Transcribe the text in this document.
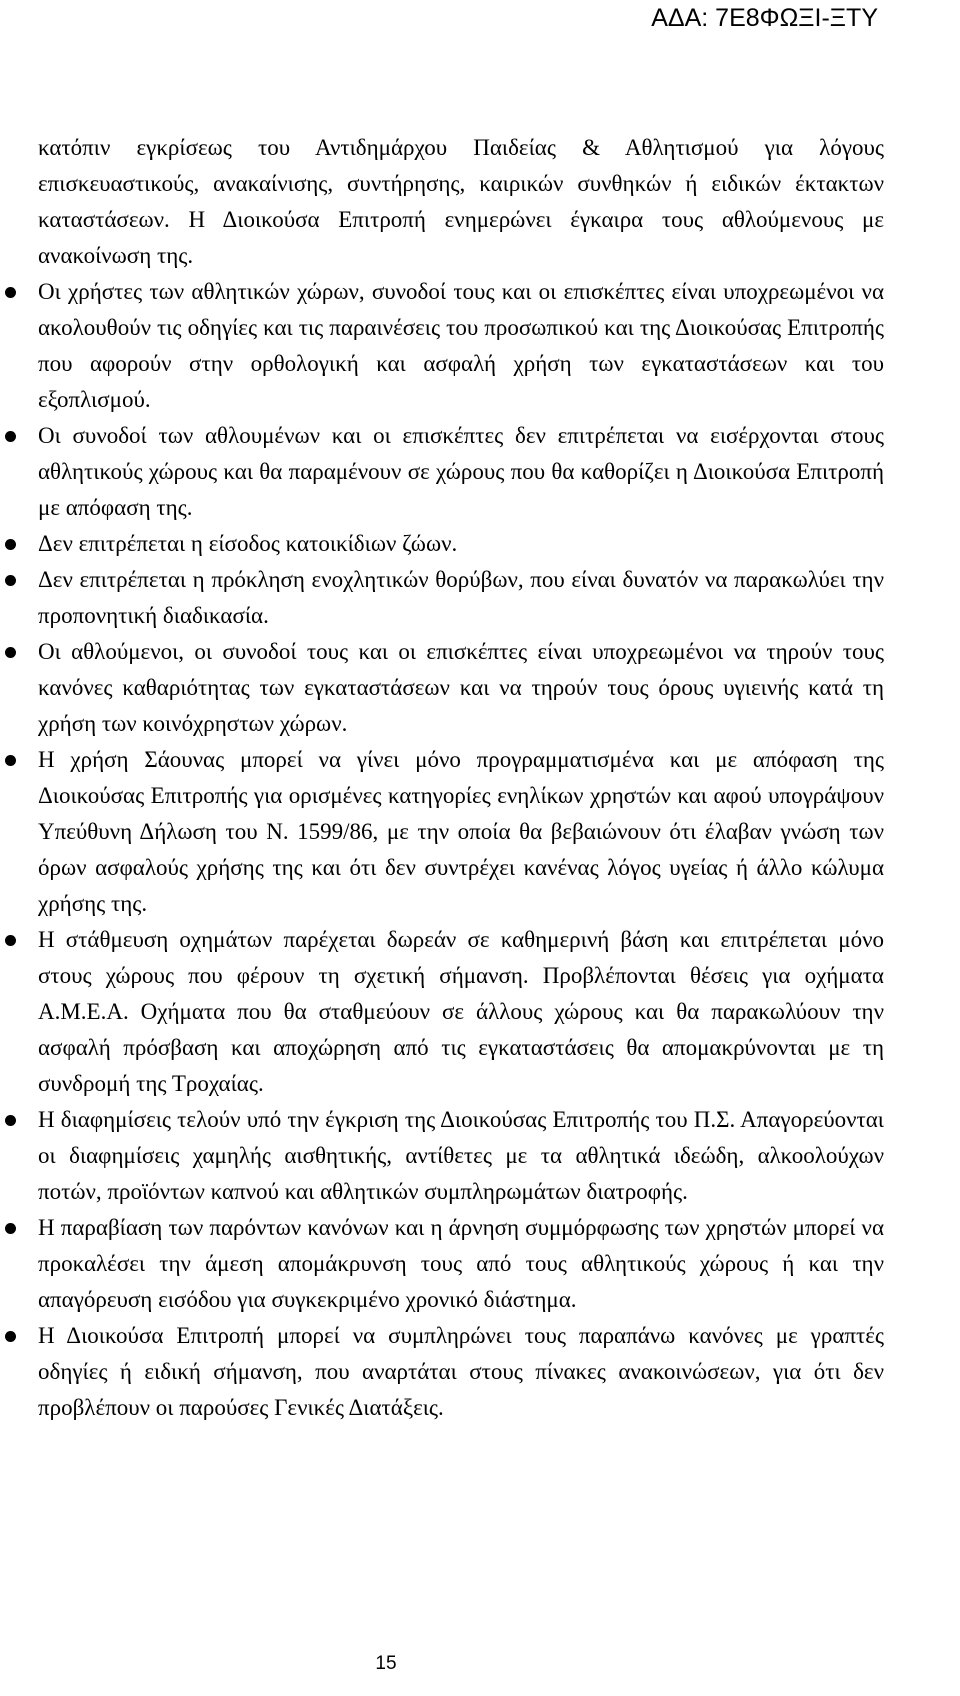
ΑΔΑ: 7Ε8ΦΩΞΙ-ΞΤΥ

κατόπιν εγκρίσεως του Αντιδημάρχου Παιδείας & Αθλητισμού για λόγους επισκευαστικούς, ανακαίνισης, συντήρησης, καιρικών συνθηκών ή ειδικών έκτακτων καταστάσεων. Η Διοικούσα Επιτροπή ενημερώνει έγκαιρα τους αθλούμενους με ανακοίνωση της.

Οι χρήστες των αθλητικών χώρων, συνοδοί τους και οι επισκέπτες είναι υποχρεωμένοι να ακολουθούν τις οδηγίες και τις παραινέσεις του προσωπικού και της Διοικούσας Επιτροπής που αφορούν στην ορθολογική και ασφαλή χρήση των εγκαταστάσεων και του εξοπλισμού.
Οι συνοδοί των αθλουμένων και οι επισκέπτες δεν επιτρέπεται να εισέρχονται στους αθλητικούς χώρους και θα παραμένουν σε χώρους που θα καθορίζει η Διοικούσα Επιτροπή με απόφαση της.
Δεν επιτρέπεται η είσοδος κατοικίδιων ζώων.
Δεν επιτρέπεται η πρόκληση ενοχλητικών θορύβων, που είναι δυνατόν να παρακωλύει την προπονητική διαδικασία.
Οι αθλούμενοι, οι συνοδοί τους και οι επισκέπτες είναι υποχρεωμένοι να τηρούν τους κανόνες καθαριότητας των εγκαταστάσεων και να τηρούν τους όρους υγιεινής κατά τη χρήση των κοινόχρηστων χώρων.
Η χρήση Σάουνας μπορεί να γίνει μόνο προγραμματισμένα και με απόφαση της Διοικούσας Επιτροπής για ορισμένες κατηγορίες ενηλίκων χρηστών και αφού υπογράψουν Υπεύθυνη Δήλωση του Ν. 1599/86, με την οποία θα βεβαιώνουν ότι έλαβαν γνώση των όρων ασφαλούς χρήσης της και ότι δεν συντρέχει κανένας λόγος υγείας ή άλλο κώλυμα χρήσης της.
Η στάθμευση οχημάτων παρέχεται δωρεάν σε καθημερινή βάση και επιτρέπεται μόνο στους χώρους που φέρουν τη σχετική σήμανση. Προβλέπονται θέσεις για οχήματα Α.Μ.Ε.Α. Οχήματα που θα σταθμεύουν σε άλλους χώρους και θα παρακωλύουν την ασφαλή πρόσβαση και αποχώρηση από τις εγκαταστάσεις θα απομακρύνονται με τη συνδρομή της Τροχαίας.
Η διαφημίσεις τελούν υπό την έγκριση της Διοικούσας Επιτροπής του Π.Σ. Απαγορεύονται οι διαφημίσεις χαμηλής αισθητικής, αντίθετες με τα αθλητικά ιδεώδη, αλκοολούχων ποτών, προϊόντων καπνού και αθλητικών συμπληρωμάτων διατροφής.
Η παραβίαση των παρόντων κανόνων και η άρνηση συμμόρφωσης των χρηστών μπορεί να προκαλέσει την άμεση απομάκρυνση τους από τους αθλητικούς χώρους ή και την απαγόρευση εισόδου για συγκεκριμένο χρονικό διάστημα.
Η Διοικούσα Επιτροπή μπορεί να συμπληρώνει τους παραπάνω κανόνες με γραπτές οδηγίες ή ειδική σήμανση, που αναρτάται στους πίνακες ανακοινώσεων, για ότι δεν προβλέπουν οι παρούσες Γενικές Διατάξεις.
15
